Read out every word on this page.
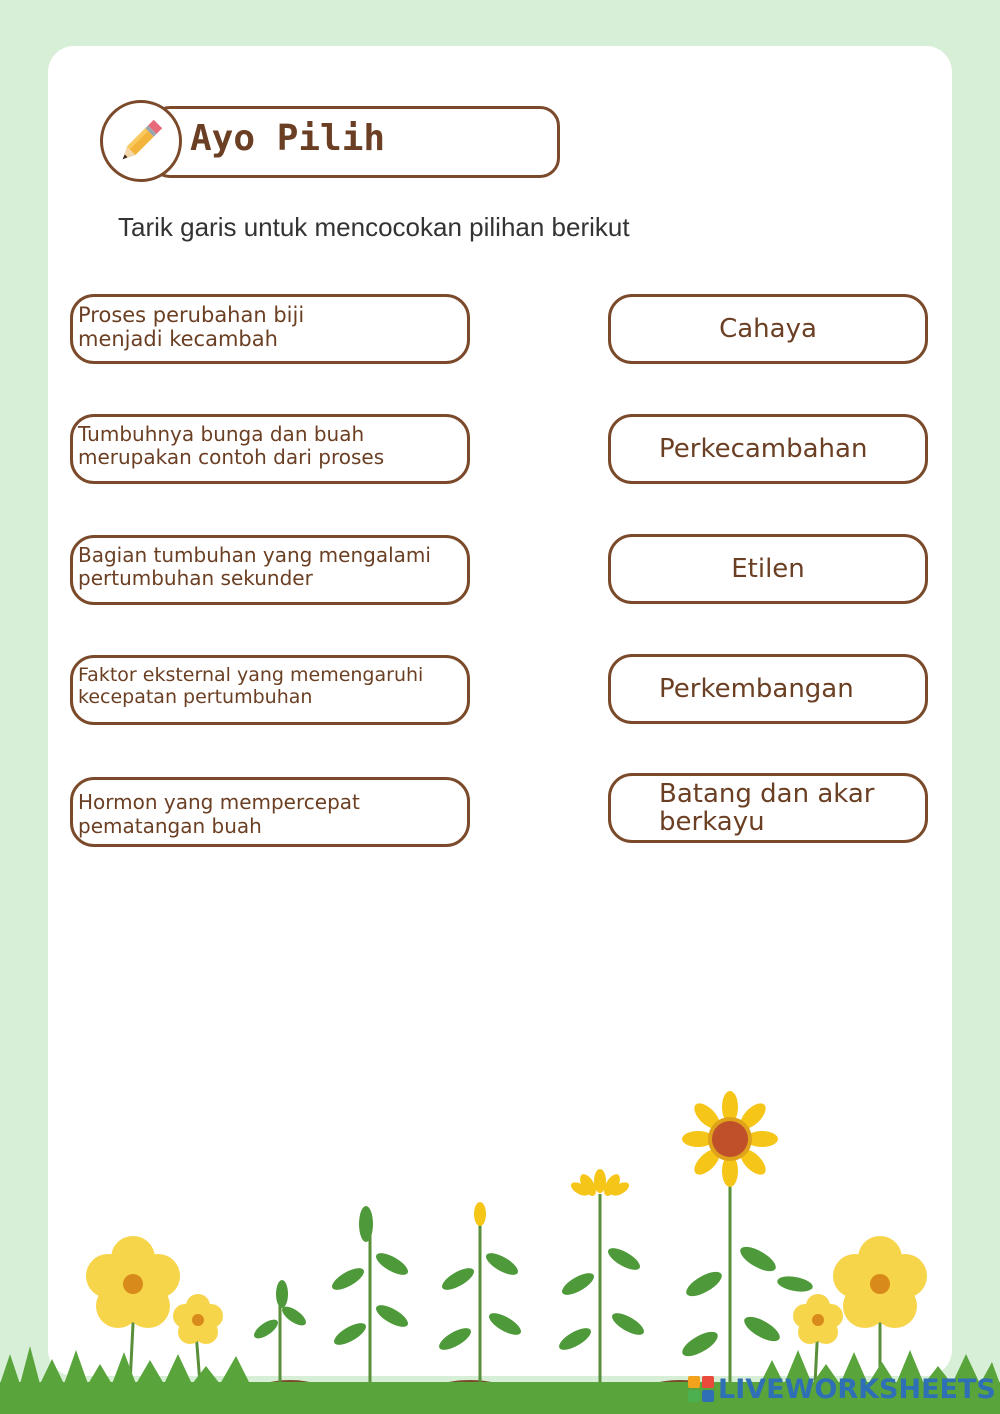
Ayo Pilih
Tarik garis untuk mencocokan pilihan berikut
Proses perubahan biji
menjadi kecambah
Tumbuhnya bunga dan buah
merupakan contoh dari proses
Bagian tumbuhan yang mengalami
pertumbuhan sekunder
Faktor eksternal yang memengaruhi
kecepatan pertumbuhan
Hormon yang mempercepat
pematangan buah
Cahaya
Perkecambahan
Etilen
Perkembangan
Batang dan akar
berkayu
LIVEWORKSHEETS
